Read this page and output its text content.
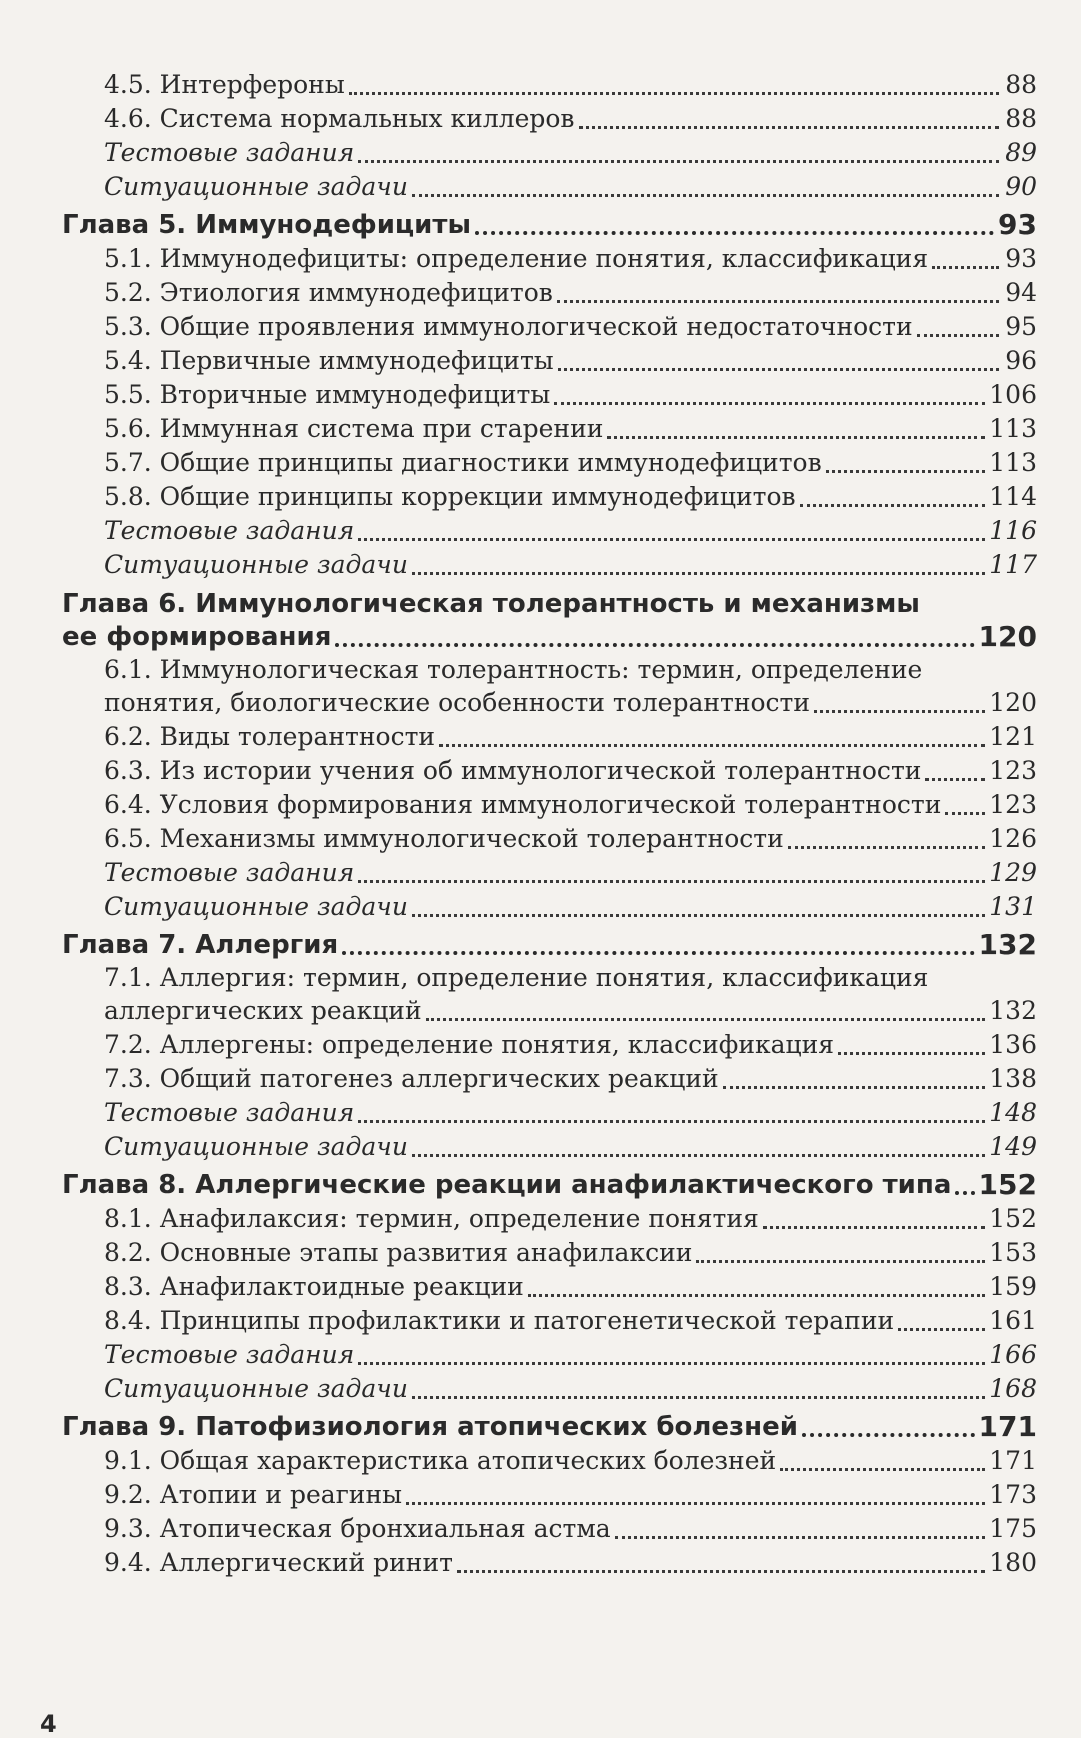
4.5. Интерфероны	88
4.6. Система нормальных киллеров	88
Тестовые задания	89
Ситуационные задачи	90
Глава 5. Иммунодефициты	93
5.1. Иммунодефициты: определение понятия, классификация	93
5.2. Этиология иммунодефицитов	94
5.3. Общие проявления иммунологической недостаточности	95
5.4. Первичные иммунодефициты	96
5.5. Вторичные иммунодефициты	106
5.6. Иммунная система при старении	113
5.7. Общие принципы диагностики иммунодефицитов	113
5.8. Общие принципы коррекции иммунодефицитов	114
Тестовые задания	116
Ситуационные задачи	117
Глава 6. Иммунологическая толерантность и механизмы
ее формирования	120
6.1. Иммунологическая толерантность: термин, определение
понятия, биологические особенности толерантности	120
6.2. Виды толерантности	121
6.3. Из истории учения об иммунологической толерантности	123
6.4. Условия формирования иммунологической толерантности 123
6.5. Механизмы иммунологической толерантности	126
Тестовые задания	129
Ситуационные задачи	131
Глава 7. Аллергия	132
7.1. Аллергия: термин, определение понятия, классификация
аллергических реакций	132
7.2. Аллергены: определение понятия, классификация	136
7.3. Общий патогенез аллергических реакций	138
Тестовые задания	148
Ситуационные задачи	149
Глава 8. Аллергические реакции анафилактического типа 152
8.1. Анафилаксия: термин, определение понятия	152
8.2. Основные этапы развития анафилаксии	153
8.3. Анафилактоидные реакции	159
8.4. Принципы профилактики и патогенетической терапии	161
Тестовые задания	166
Ситуационные задачи	168
Глава 9. Патофизиология атопических болезней	171
9.1. Общая характеристика атопических болезней	171
9.2. Атопии и реагины	173
9.3. Атопическая бронхиальная астма	175
9.4. Аллергический ринит	180
4
